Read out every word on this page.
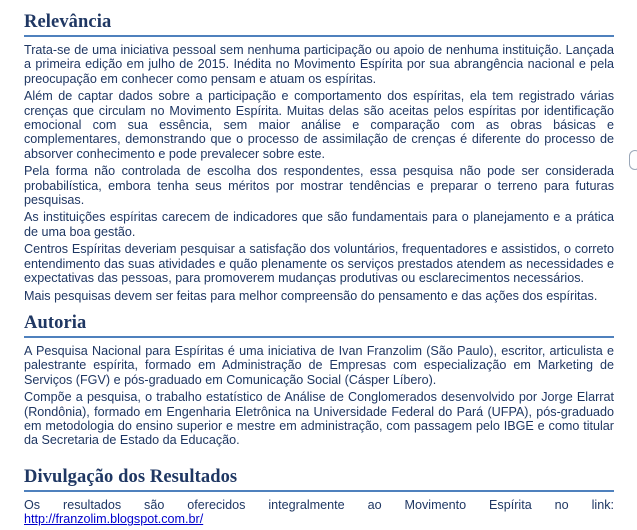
Relevância

Trata-se de uma iniciativa pessoal sem nenhuma participação ou apoio de nenhuma instituição. Lançada a primeira edição em julho de 2015. Inédita no Movimento Espírita por sua abrangência nacional e pela preocupação em conhecer como pensam e atuam os espíritas.

Além de captar dados sobre a participação e comportamento dos espíritas, ela tem registrado várias crenças que circulam no Movimento Espírita. Muitas delas são aceitas pelos espíritas por identificação emocional com sua essência, sem maior análise e comparação com as obras básicas e complementares, demonstrando que o processo de assimilação de crenças é diferente do processo de absorver conhecimento e pode prevalecer sobre este.

Pela forma não controlada de escolha dos respondentes, essa pesquisa não pode ser considerada probabilística, embora tenha seus méritos por mostrar tendências e preparar o terreno para futuras pesquisas.

As instituições espíritas carecem de indicadores que são fundamentais para o planejamento e a prática de uma boa gestão.

Centros Espíritas deveriam pesquisar a satisfação dos voluntários, frequentadores e assistidos, o correto entendimento das suas atividades e quão plenamente os serviços prestados atendem as necessidades e expectativas das pessoas, para promoverem mudanças produtivas ou esclarecimentos necessários.

Mais pesquisas devem ser feitas para melhor compreensão do pensamento e das ações dos espíritas.

Autoria

A Pesquisa Nacional para Espíritas é uma iniciativa de Ivan Franzolim (São Paulo), escritor, articulista e palestrante espírita, formado em Administração de Empresas com especialização em Marketing de Serviços (FGV) e pós-graduado em Comunicação Social (Cásper Líbero).

Compõe a pesquisa, o trabalho estatístico de Análise de Conglomerados desenvolvido por Jorge Elarrat (Rondônia), formado em Engenharia Eletrônica na Universidade Federal do Pará (UFPA), pós-graduado em metodologia do ensino superior e mestre em administração, com passagem pelo IBGE e como titular da Secretaria de Estado da Educação.

Divulgação dos Resultados

Os resultados são oferecidos integralmente ao Movimento Espírita no link: http://franzolim.blogspot.com.br/
